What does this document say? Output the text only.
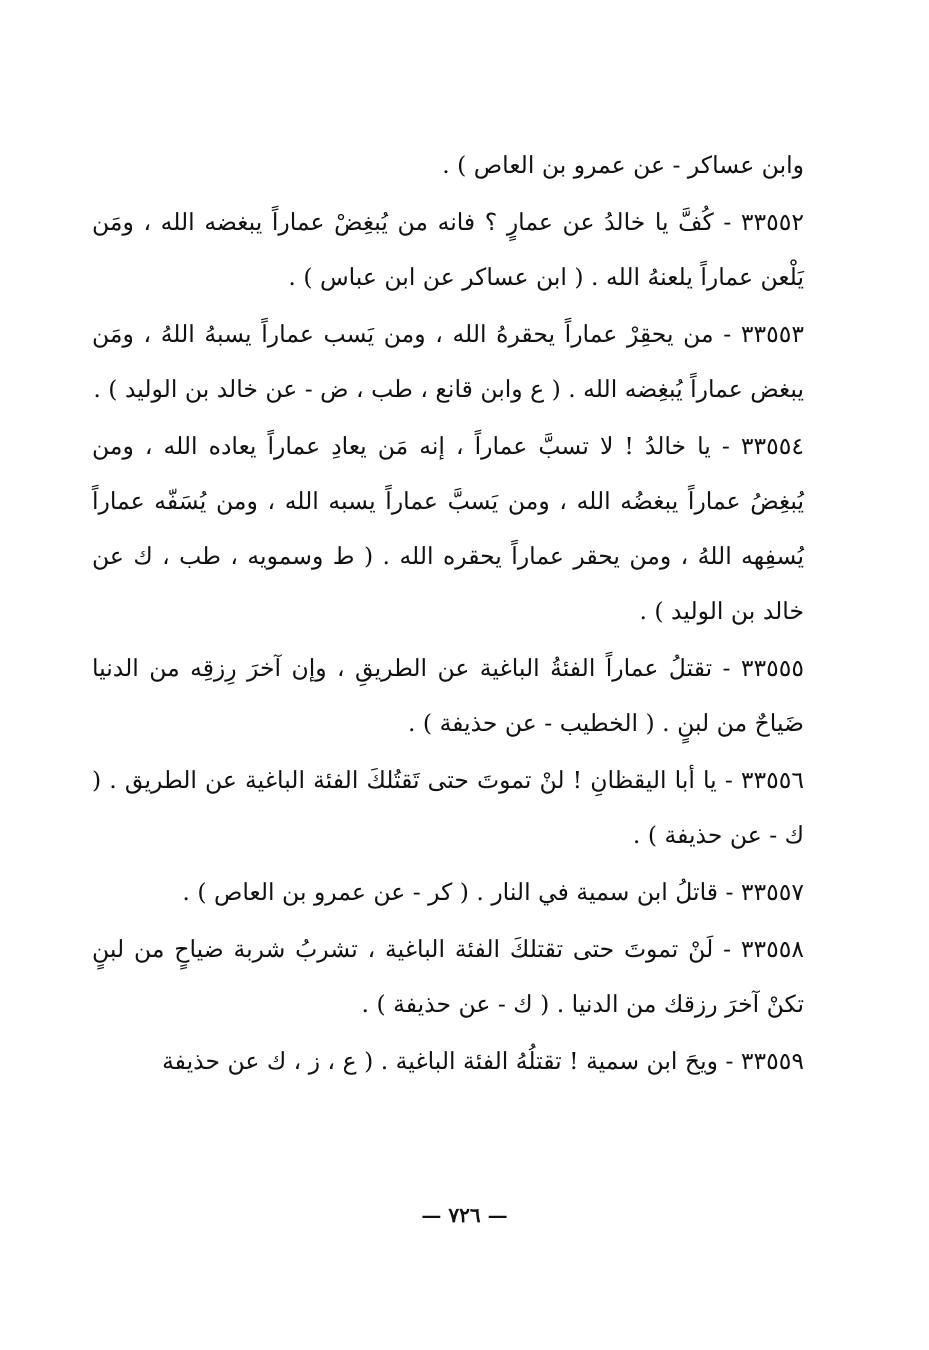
وابن عساكر - عن عمرو بن العاص ) .

٣٣٥٥٢ - كُفَّ يا خالدُ عن عمارٍ ؟ فانه من يُبغِضْ عماراً يبغضه الله ، ومَن يَلْعن عماراً يلعنهُ الله . ( ابن عساكر عن ابن عباس ) .

٣٣٥٥٣ - من يحقِرْ عماراً يحقرهُ الله ، ومن يَسب عماراً يسبهُ اللهُ ، ومَن يبغض عماراً يُبغِضه الله . ( ع وابن قانع ، طب ، ض - عن خالد بن الوليد ) .

٣٣٥٥٤ - يا خالدُ ! لا تسبَّ عماراً ، إنه مَن يعادِ عماراً يعاده الله ، ومن يُبغِضُ عماراً يبغضُه الله ، ومن يَسبَّ عماراً يسبه الله ، ومن يُسَفّه عماراً يُسفِهه اللهُ ، ومن يحقر عماراً يحقره الله . ( ط وسمويه ، طب ، ك عن خالد بن الوليد ) .

٣٣٥٥٥ - تقتلُ عماراً الفئةُ الباغية عن الطريقِ ، وإن آخرَ رِزقِه من الدنيا ضَياحٌ من لبنٍ . ( الخطيب - عن حذيفة ) .

٣٣٥٥٦ - يا أبا اليقظانِ ! لنْ تموتَ حتى تَقتُلكَ الفئة الباغية عن الطريق . ( ك - عن حذيفة ) .

٣٣٥٥٧ - قاتلُ ابن سمية في النار . ( كر - عن عمرو بن العاص ) .

٣٣٥٥٨ - لَنْ تموتَ حتى تقتلكَ الفئة الباغية ، تشربُ شربة ضياحٍ من لبنٍ تكنْ آخرَ رزقك من الدنيا . ( ك - عن حذيفة ) .

٣٣٥٥٩ - ويحَ ابن سمية ! تقتلُهُ الفئة الباغية . ( ع ، ز ، ك عن حذيفة

— ٧٢٦ —
